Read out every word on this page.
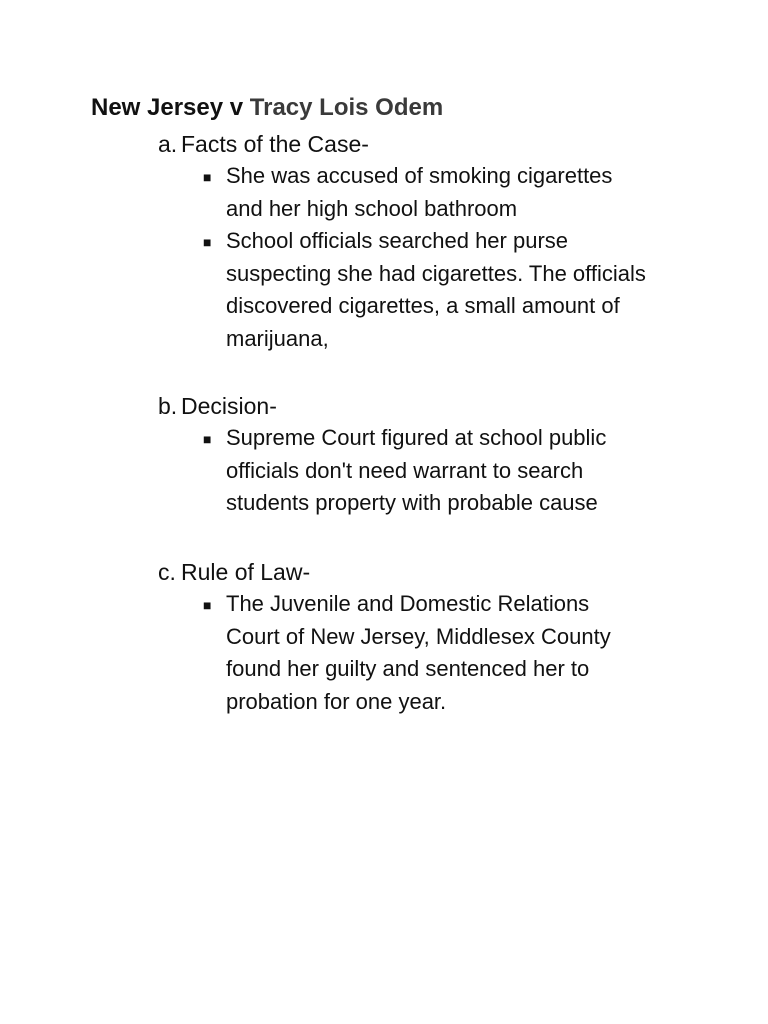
New Jersey v Tracy Lois Odem
a. Facts of the Case-
■ She was accused of smoking cigarettes and her high school bathroom
■ School officials searched her purse suspecting she had cigarettes. The officials discovered cigarettes, a small amount of marijuana,
b. Decision-
■ Supreme Court figured at school public officials don't need warrant to search students property with probable cause
c. Rule of Law-
■ The Juvenile and Domestic Relations Court of New Jersey, Middlesex County found her guilty and sentenced her to probation for one year.
